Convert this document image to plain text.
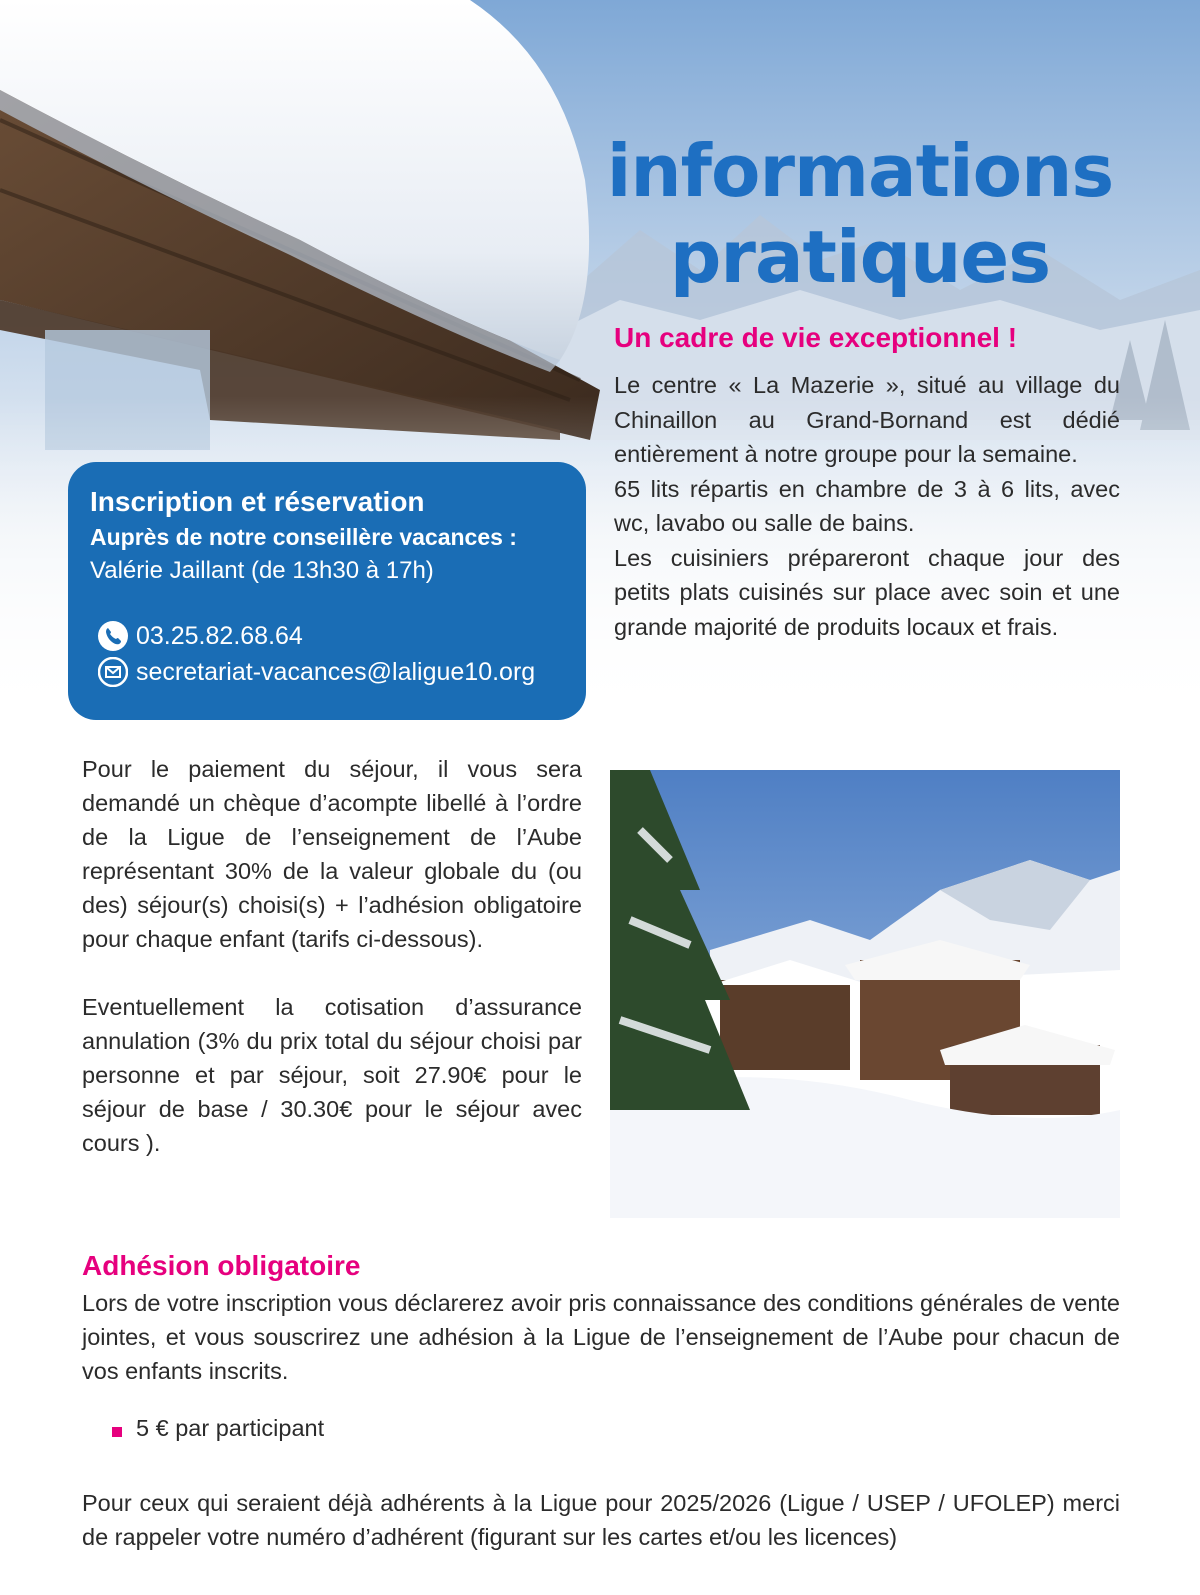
informations
pratiques
Un cadre de vie exceptionnel !

Le centre « La Mazerie », situé au village du Chinaillon au Grand-Bornand est dédié entièrement à notre groupe pour la semaine.

65 lits répartis en chambre de 3 à 6 lits, avec wc, lavabo ou salle de bains.

Les cuisiniers prépareront chaque jour des petits plats cuisinés sur place avec soin et une grande majorité de produits locaux et frais.

Inscription et réservation
Auprès de notre conseillère vacances :
Valérie Jaillant (de 13h30 à 17h)
03.25.82.68.64
secretariat-vacances@laligue10.org

Pour le paiement du séjour, il vous sera demandé un chèque d’acompte libellé à l’ordre de la Ligue de l’enseignement de l’Aube représentant 30% de la valeur globale du (ou des) séjour(s) choisi(s) + l’adhésion obligatoire pour chaque enfant (tarifs ci-dessous).

Eventuellement la cotisation d’assurance annulation (3% du prix total du séjour choisi par personne et par séjour, soit 27.90€ pour le séjour de base / 30.30€ pour le séjour avec cours ).

Adhésion obligatoire

Lors de votre inscription vous déclarerez avoir pris connaissance des conditions générales de vente jointes, et vous souscrirez une adhésion à la Ligue de l’enseignement de l’Aube pour chacun de vos enfants inscrits.

5 € par participant

Pour ceux qui seraient déjà adhérents à la Ligue pour 2025/2026 (Ligue / USEP / UFOLEP) merci de rappeler votre numéro d’adhérent (figurant sur les cartes et/ou les licences)
